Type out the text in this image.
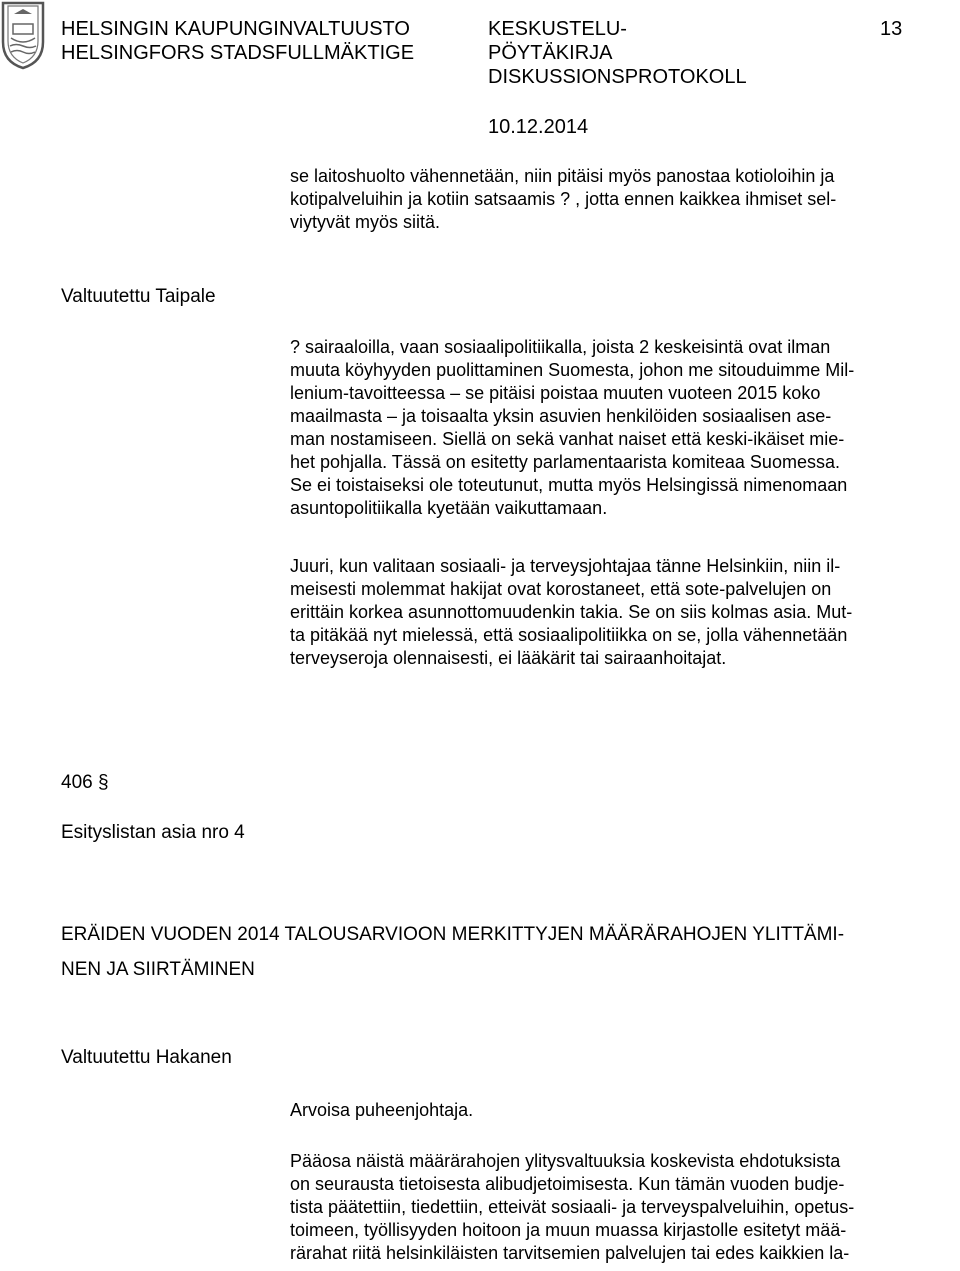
HELSINGIN KAUPUNGINVALTUUSTO
HELSINGFORS STADSFULLMÄKTIGE
KESKUSTELU-
PÖYTÄKIRJA
DISKUSSIONSPROTOKOLL
13
10.12.2014
se laitoshuolto vähennetään, niin pitäisi myös panostaa kotioloihin ja
kotipalveluihin ja kotiin satsaamis ? , jotta ennen kaikkea ihmiset sel-
viytyvät myös siitä.
Valtuutettu Taipale
? sairaaloilla, vaan sosiaalipolitiikalla, joista 2 keskeisintä ovat ilman
muuta köyhyyden puolittaminen Suomesta, johon me sitouduimme Mil-
lenium-tavoitteessa – se pitäisi poistaa muuten vuoteen 2015 koko
maailmasta – ja toisaalta yksin asuvien henkilöiden sosiaalisen ase-
man nostamiseen. Siellä on sekä vanhat naiset että keski-ikäiset mie-
het pohjalla. Tässä on esitetty parlamentaarista komiteaa Suomessa.
Se ei toistaiseksi ole toteutunut, mutta myös Helsingissä nimenomaan
asuntopolitiikalla kyetään vaikuttamaan.
Juuri, kun valitaan sosiaali- ja terveysjohtajaa tänne Helsinkiin, niin il-
meisesti molemmat hakijat ovat korostaneet, että sote-palvelujen on
erittäin korkea asunnottomuudenkin takia. Se on siis kolmas asia. Mut-
ta pitäkää nyt mielessä, että sosiaalipolitiikka on se, jolla vähennetään
terveyseroja olennaisesti, ei lääkärit tai sairaanhoitajat.
406 §
Esityslistan asia nro 4
ERÄIDEN VUODEN 2014 TALOUSARVIOON MERKITTYJEN MÄÄRÄRAHOJEN YLITTÄMI-
NEN JA SIIRTÄMINEN
Valtuutettu Hakanen
Arvoisa puheenjohtaja.
Pääosa näistä määrärahojen ylitysvaltuuksia koskevista ehdotuksista
on seurausta tietoisesta alibudjetoimisesta. Kun tämän vuoden budje-
tista päätettiin, tiedettiin, etteivät sosiaali- ja terveyspalveluihin, opetus-
toimeen, työllisyyden hoitoon ja muun muassa kirjastolle esitetyt mää-
rärahat riitä helsinkiläisten tarvitsemien palvelujen tai edes kaikkien la-
